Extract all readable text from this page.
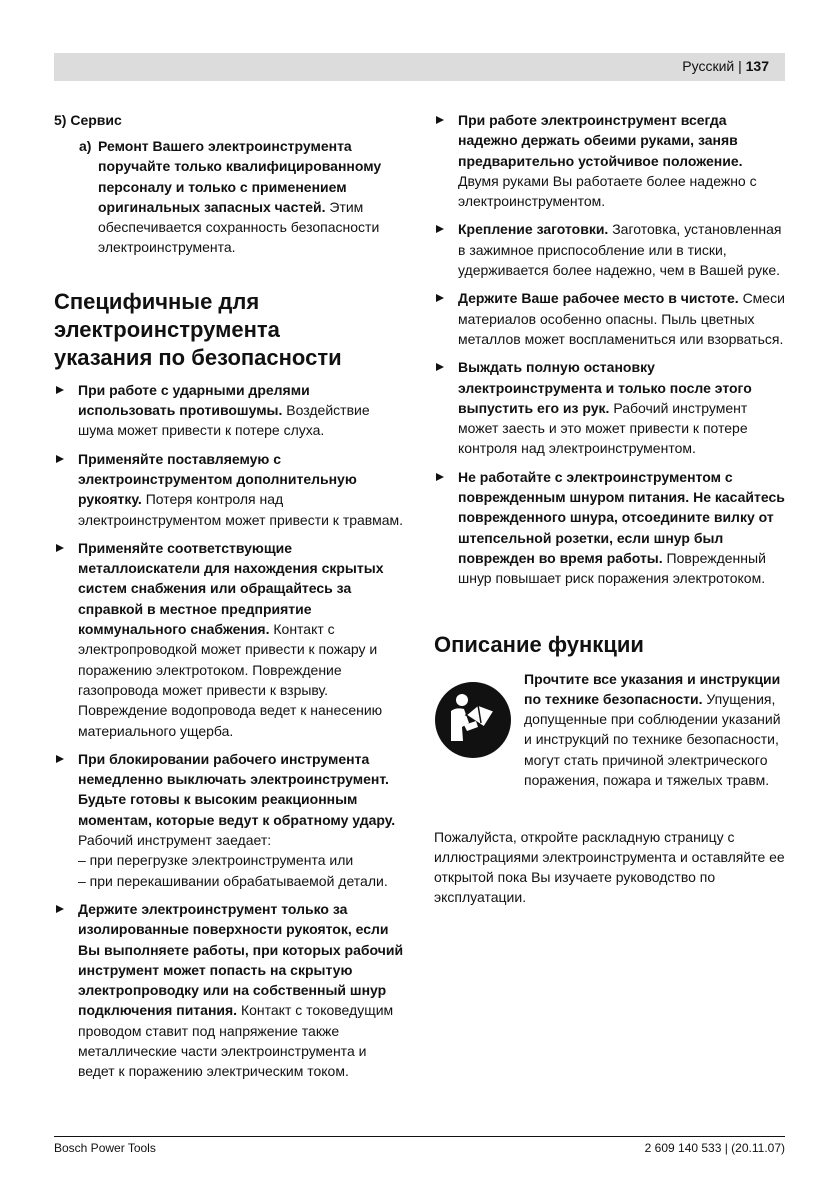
Русский | 137
5) Сервис
a) Ремонт Вашего электроинструмента поручайте только квалифицированному персоналу и только с применением оригинальных запасных частей. Этим обеспечивается сохранность безопасности электроинструмента.
Специфичные для
электроинструмента
указания по безопасности
При работе с ударными дрелями использовать противошумы. Воздействие шума может привести к потере слуха.
Применяйте поставляемую с электроинструментом дополнительную рукоятку. Потеря контроля над электроинструментом может привести к травмам.
Применяйте соответствующие металлоискатели для нахождения скрытых систем снабжения или обращайтесь за справкой в местное предприятие коммунального снабжения. Контакт с электропроводкой может привести к пожару и поражению электротоком. Повреждение газопровода может привести к взрыву. Повреждение водопровода ведет к нанесению материального ущерба.
При блокировании рабочего инструмента немедленно выключать электроинструмент. Будьте готовы к высоким реакционным моментам, которые ведут к обратному удару. Рабочий инструмент заедает:
– при перегрузке электроинструмента или
– при перекашивании обрабатываемой детали.
Держите электроинструмент только за изолированные поверхности рукояток, если Вы выполняете работы, при которых рабочий инструмент может попасть на скрытую электропроводку или на собственный шнур подключения питания. Контакт с токоведущим проводом ставит под напряжение также металлические части электроинструмента и ведет к поражению электрическим током.
При работе электроинструмент всегда надежно держать обеими руками, заняв предварительно устойчивое положение. Двумя руками Вы работаете более надежно с электроинструментом.
Крепление заготовки. Заготовка, установленная в зажимное приспособление или в тиски, удерживается более надежно, чем в Вашей руке.
Держите Ваше рабочее место в чистоте. Смеси материалов особенно опасны. Пыль цветных металлов может воспламениться или взорваться.
Выждать полную остановку электроинструмента и только после этого выпустить его из рук. Рабочий инструмент может заесть и это может привести к потере контроля над электроинструментом.
Не работайте с электроинструментом с поврежденным шнуром питания. Не касайтесь поврежденного шнура, отсоедините вилку от штепсельной розетки, если шнур был поврежден во время работы. Поврежденный шнур повышает риск поражения электротоком.
Описание функции
Прочтите все указания и инструкции по технике безопасности. Упущения, допущенные при соблюдении указаний и инструкций по технике безопасности, могут стать причиной электрического поражения, пожара и тяжелых травм.

Пожалуйста, откройте раскладную страницу с иллюстрациями электроинструмента и оставляйте ее открытой пока Вы изучаете руководство по эксплуатации.

Bosch Power Tools	2 609 140 533 | (20.11.07)
